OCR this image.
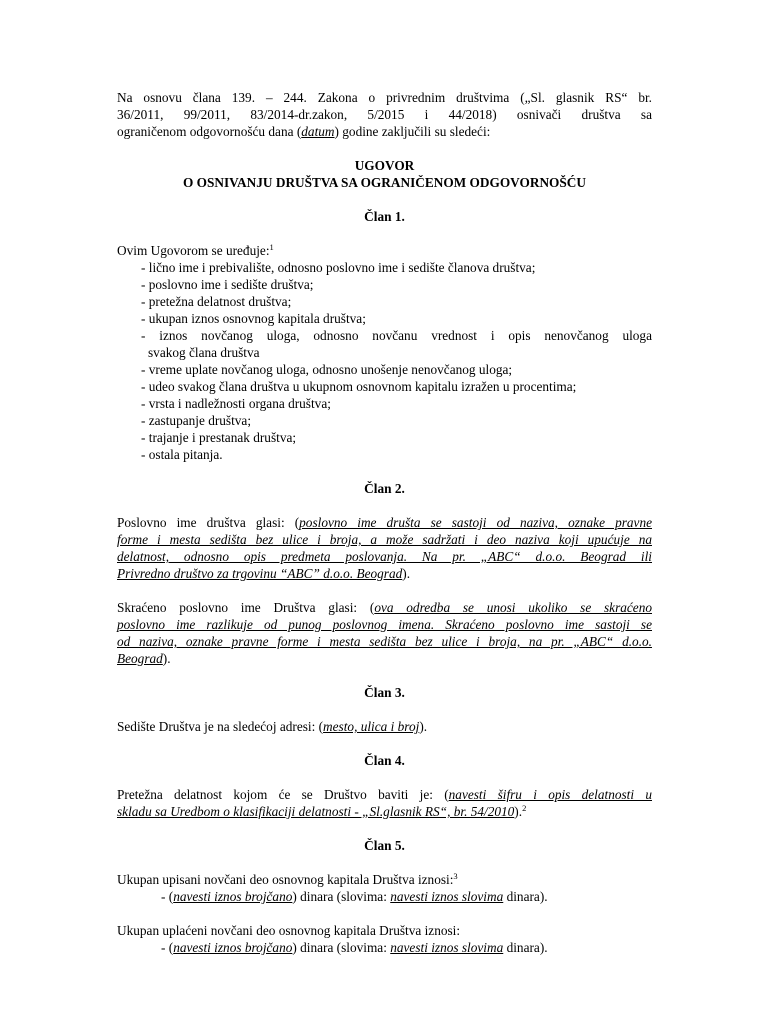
Na osnovu člana 139. – 244. Zakona o privrednim društvima („Sl. glasnik RS“ br.

36/2011, 99/2011, 83/2014-dr.zakon, 5/2015 i 44/2018) osnivači društva sa

ograničenom odgovornošću dana (datum) godine zaključili su sledeći:

UGOVOR

O OSNIVANJU DRUŠTVA SA OGRANIČENOM ODGOVORNOŠĆU

Član 1.

Ovim Ugovorom se uređuje:$^1$

- lično ime i prebivalište, odnosno poslovno ime i sedište članova društva;
- poslovno ime i sedište društva;
- pretežna delatnost društva;
- ukupan iznos osnovnog kapitala društva;
- iznos novčanog uloga, odnosno novčanu vrednost i opis nenovčanog uloga
svakog člana društva
- vreme uplate novčanog uloga, odnosno unošenje nenovčanog uloga;
- udeo svakog člana društva u ukupnom osnovnom kapitalu izražen u procentima;
- vrsta i nadležnosti organa društva;
- zastupanje društva;
- trajanje i prestanak društva;
- ostala pitanja.

Član 2.

Poslovno ime društva glasi: (poslovno ime društa se sastoji od naziva, oznake pravne

forme i mesta sedišta bez ulice i broja, a može sadržati i deo naziva koji upućuje na

delatnost, odnosno opis predmeta poslovanja. Na pr. „ABC“ d.o.o. Beograd ili

Privredno društvo za trgovinu “ABC” d.o.o. Beograd).

Skraćeno poslovno ime Društva glasi: (ova odredba se unosi ukoliko se skraćeno

poslovno ime razlikuje od punog poslovnog imena. Skraćeno poslovno ime sastoji se

od naziva, oznake pravne forme i mesta sedišta bez ulice i broja, na pr. „ABC“ d.o.o.

Beograd).

Član 3.

Sedište Društva je na sledećoj adresi: (mesto, ulica i broj).

Član 4.

Pretežna delatnost kojom će se Društvo baviti je: (navesti šifru i opis delatnosti u

skladu sa Uredbom o klasifikaciji delatnosti - „Sl.glasnik RS“, br. 54/2010).$^2$

Član 5.

Ukupan upisani novčani deo osnovnog kapitala Društva iznosi:$^3$

- (navesti iznos brojčano) dinara (slovima: navesti iznos slovima dinara).

Ukupan uplaćeni novčani deo osnovnog kapitala Društva iznosi:

- (navesti iznos brojčano) dinara (slovima: navesti iznos slovima dinara).
